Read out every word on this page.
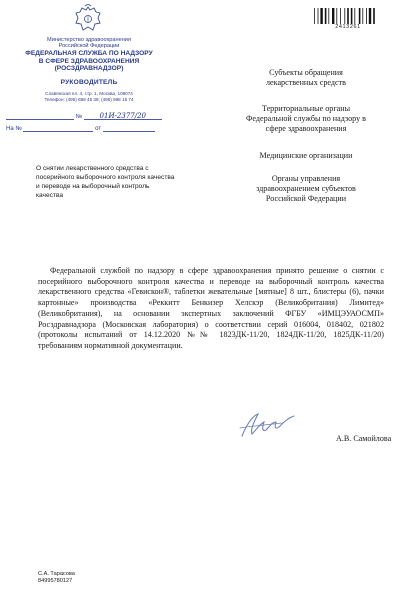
Министерство здравоохранения
Российской Федерации
ФЕДЕРАЛЬНАЯ СЛУЖБА ПО НАДЗОРУ
В СФЕРЕ ЗДРАВООХРАНЕНИЯ
(РОСЗДРАВНАДЗОР)
РУКОВОДИТЕЛЬ
Славянская пл. 4, стр. 1, Москва, 109074
Телефон: (495) 698 45 38; (495) 698 15 74
№ 01И-2377/20
На №	от
О снятии лекарственного средства с посерийного выборочного контроля качества и переводе на выборочный контроль качества
2413261
Субъекты обращения
лекарственных средств
Территориальные органы
Федеральной службы по надзору в
сфере здравоохранения
Медицинские организации
Органы управления
здравоохранением субъектов
Российской Федерации

Федеральной службой по надзору в сфере здравоохранения принято решение о снятии с посерийного выборочного контроля качества и переводе на выборочный контроль качества лекарственного средства «Гевискон®, таблетки жевательные [мятные] 8 шт., блистеры (6), пачки картонные» производства «Реккитт Бенкизер Хелскэр (Великобритания) Лимитед» (Великобритания), на основании экспертных заключений ФГБУ «ИМЦЭУАОСМП» Росздравнадзора (Московская лаборатория) о соответствии серий 016004, 018402, 021802 (протоколы испытаний от 14.12.2020 №№ 1823ДК-11/20, 1824ДК-11/20, 1825ДК-11/20) требованиям нормативной документации.

А.В. Самойлова
С.А. Тарасова
84995780127
